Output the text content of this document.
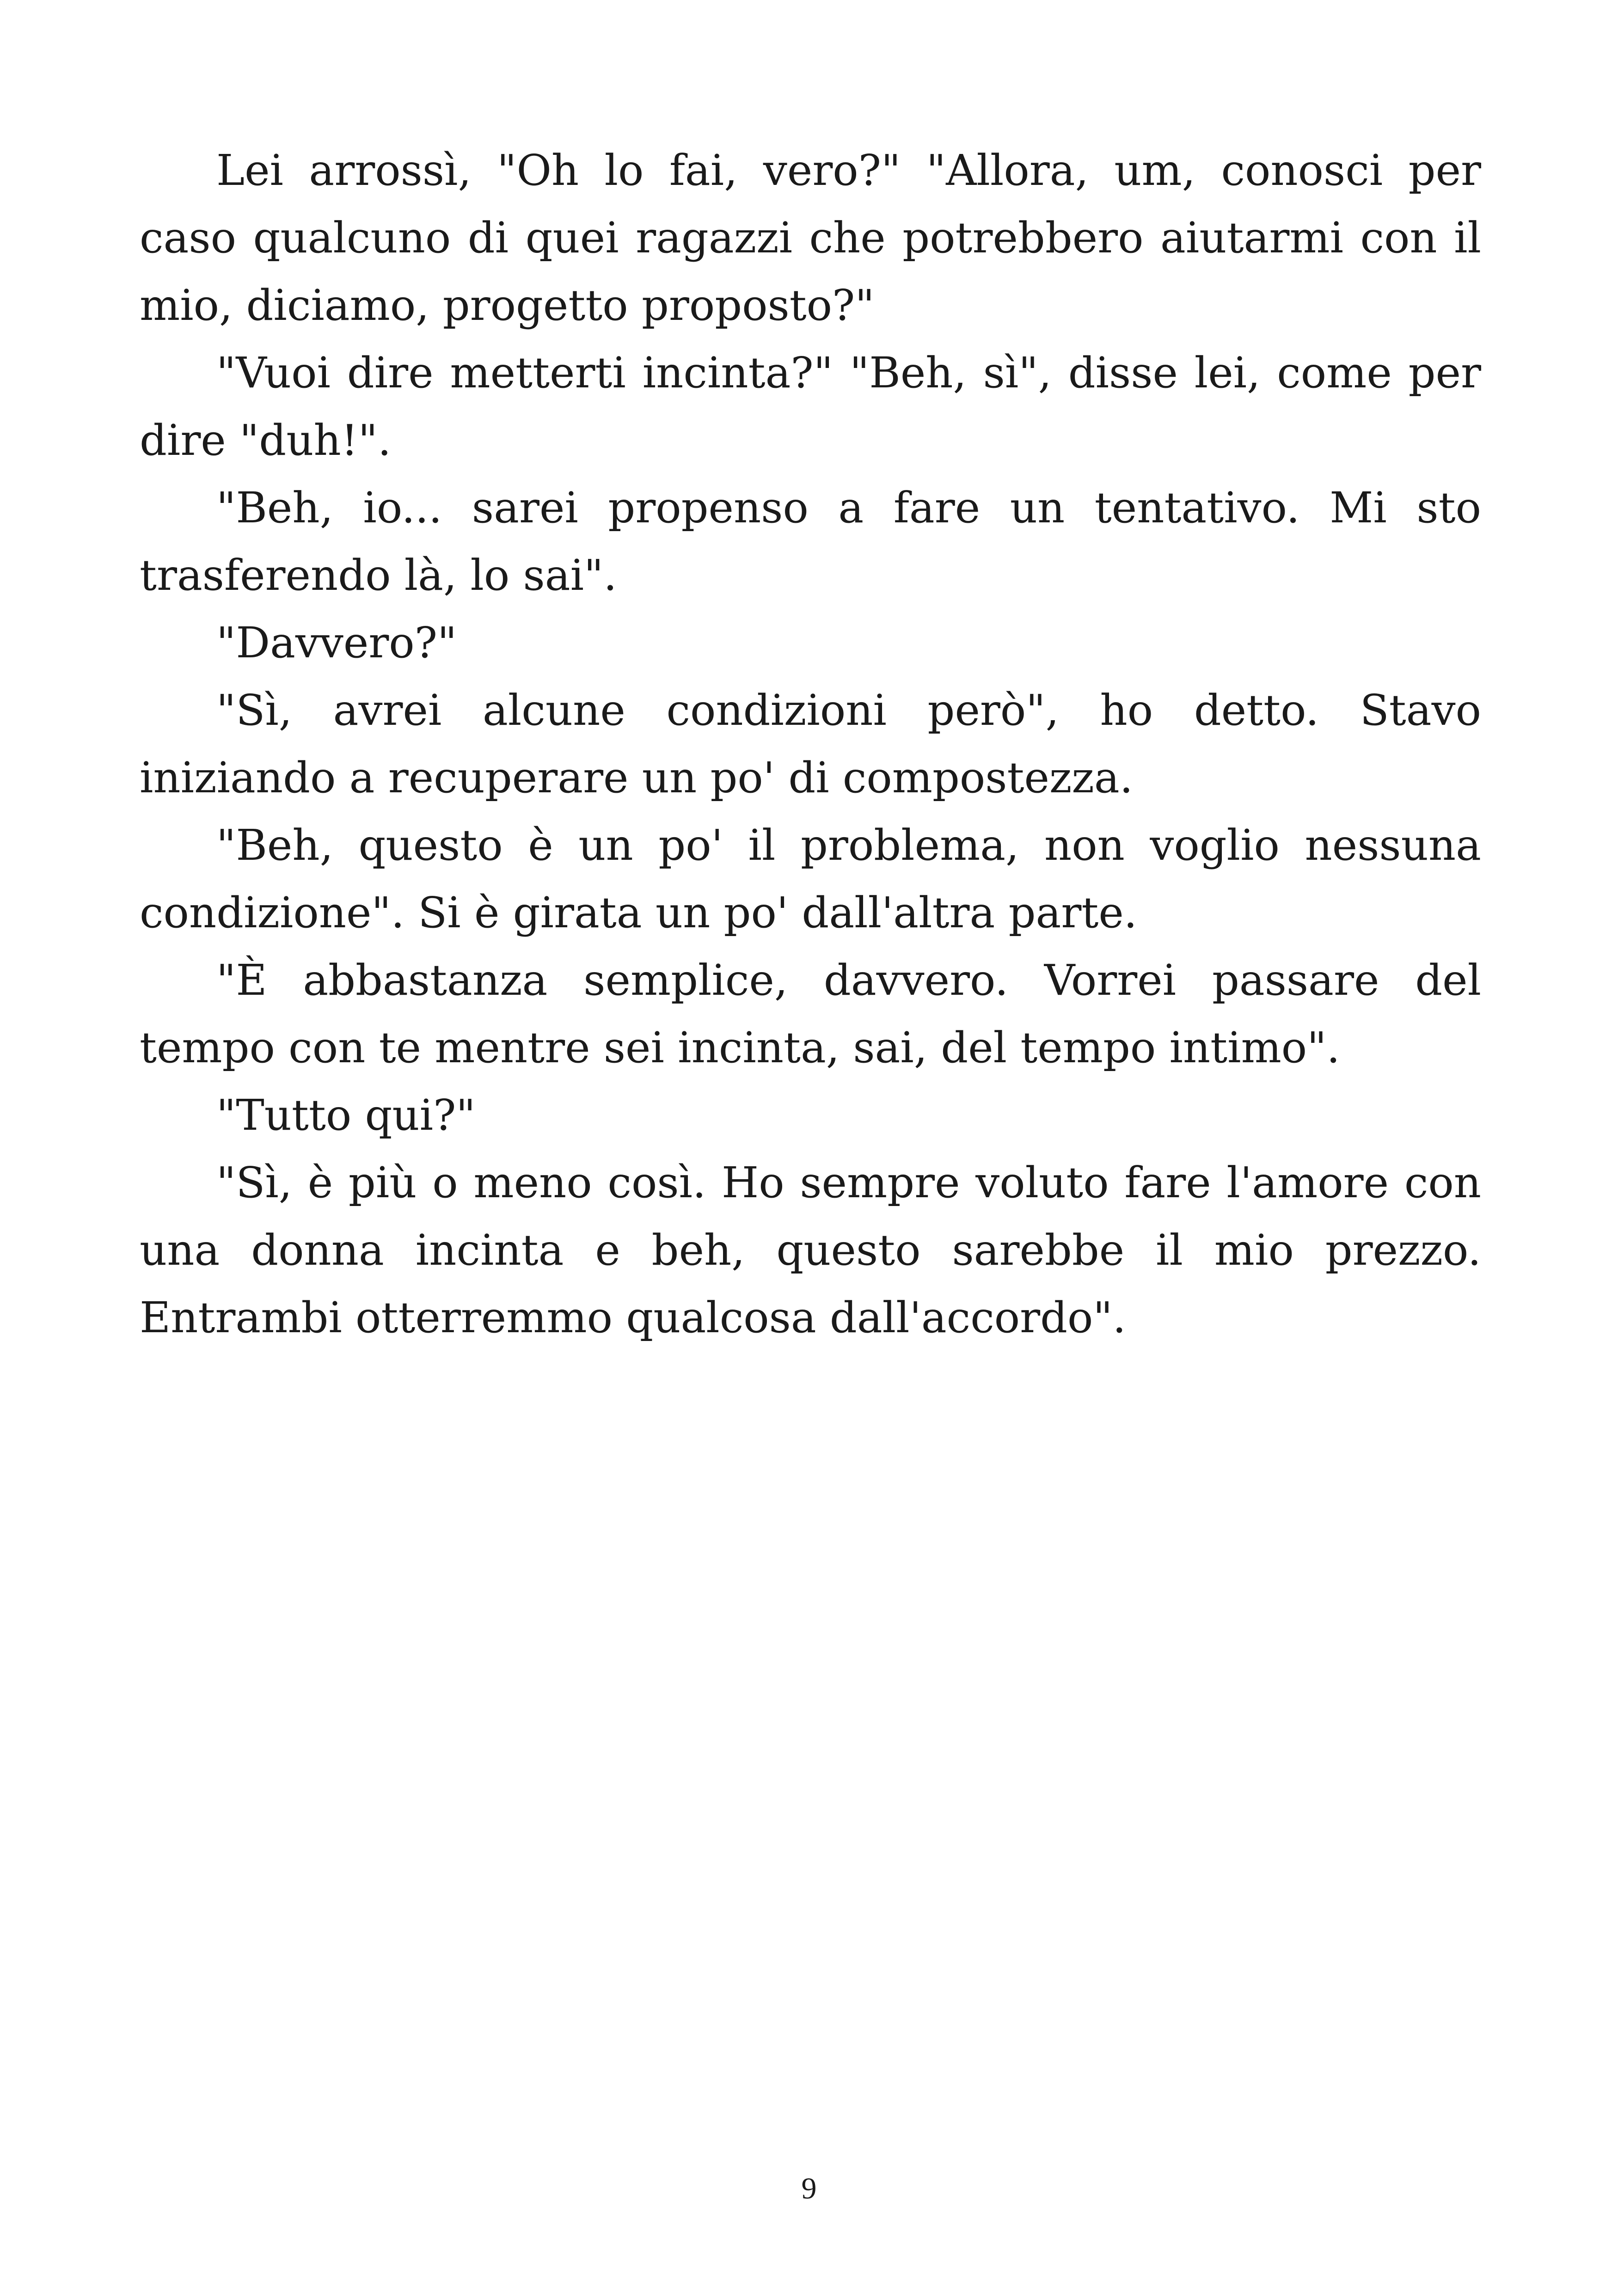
Lei arrossì, "Oh lo fai, vero?" "Allora, um, conosci per caso qualcuno di quei ragazzi che potrebbero aiutarmi con il mio, diciamo, progetto proposto?"

"Vuoi dire metterti incinta?" "Beh, sì", disse lei, come per dire "duh!".

"Beh, io... sarei propenso a fare un tentativo. Mi sto trasferendo là, lo sai".

"Davvero?"

"Sì, avrei alcune condizioni però", ho detto. Stavo iniziando a recuperare un po' di compostezza.

"Beh, questo è un po' il problema, non voglio nessuna condizione". Si è girata un po' dall'altra parte.

"È abbastanza semplice, davvero. Vorrei passare del tempo con te mentre sei incinta, sai, del tempo intimo".

"Tutto qui?"

"Sì, è più o meno così. Ho sempre voluto fare l'amore con una donna incinta e beh, questo sarebbe il mio prezzo. Entrambi otterremmo qualcosa dall'accordo".

9
